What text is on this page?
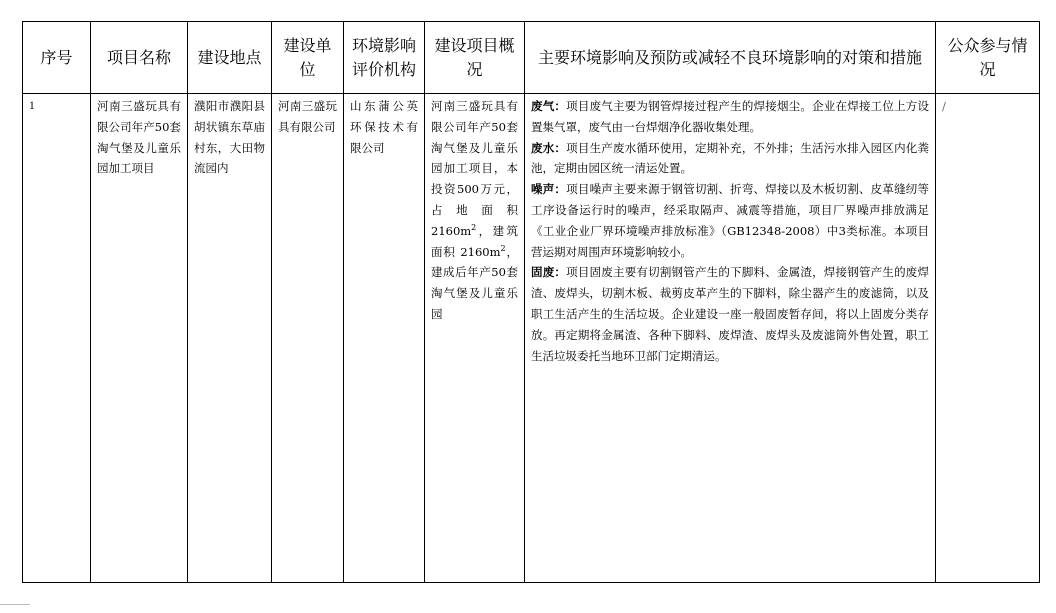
序号	项目名称	建设地点	建设单位	环境影响评价机构	建设项目概况	主要环境影响及预防或减轻不良环境影响的对策和措施	公众参与情况
1	河南三盛玩具有限公司年产50套淘气堡及儿童乐园加工项目	濮阳市濮阳县胡状镇东草庙村东，大田物流园内	河南三盛玩具有限公司	山东蒲公英环保技术有限公司	河南三盛玩具有限公司年产50套淘气堡及儿童乐园加工项目，本投资500万元，占地面积 $2160m^2$，建筑面积 $2160m^2$，建成后年产50套淘气堡及儿童乐园	废气：项目废气主要为钢管焊接过程产生的焊接烟尘。企业在焊接工位上方设置集气罩，废气由一台焊烟净化器收集处理。

废水：项目生产废水循环使用，定期补充，不外排；生活污水排入园区内化粪池，定期由园区统一清运处置。

噪声：项目噪声主要来源于钢管切割、折弯、焊接以及木板切割、皮革缝纫等工序设备运行时的噪声，经采取隔声、减震等措施，项目厂界噪声排放满足《工业企业厂界环境噪声排放标准》（GB12348-2008）中3类标准。本项目营运期对周围声环境影响较小。

固废：项目固废主要有切割钢管产生的下脚料、金属渣，焊接钢管产生的废焊渣、废焊头，切割木板、裁剪皮革产生的下脚料，除尘器产生的废滤筒，以及职工生活产生的生活垃圾。企业建设一座一般固废暂存间，将以上固废分类存放。再定期将金属渣、各种下脚料、废焊渣、废焊头及废滤筒外售处置，职工生活垃圾委托当地环卫部门定期清运。	/
